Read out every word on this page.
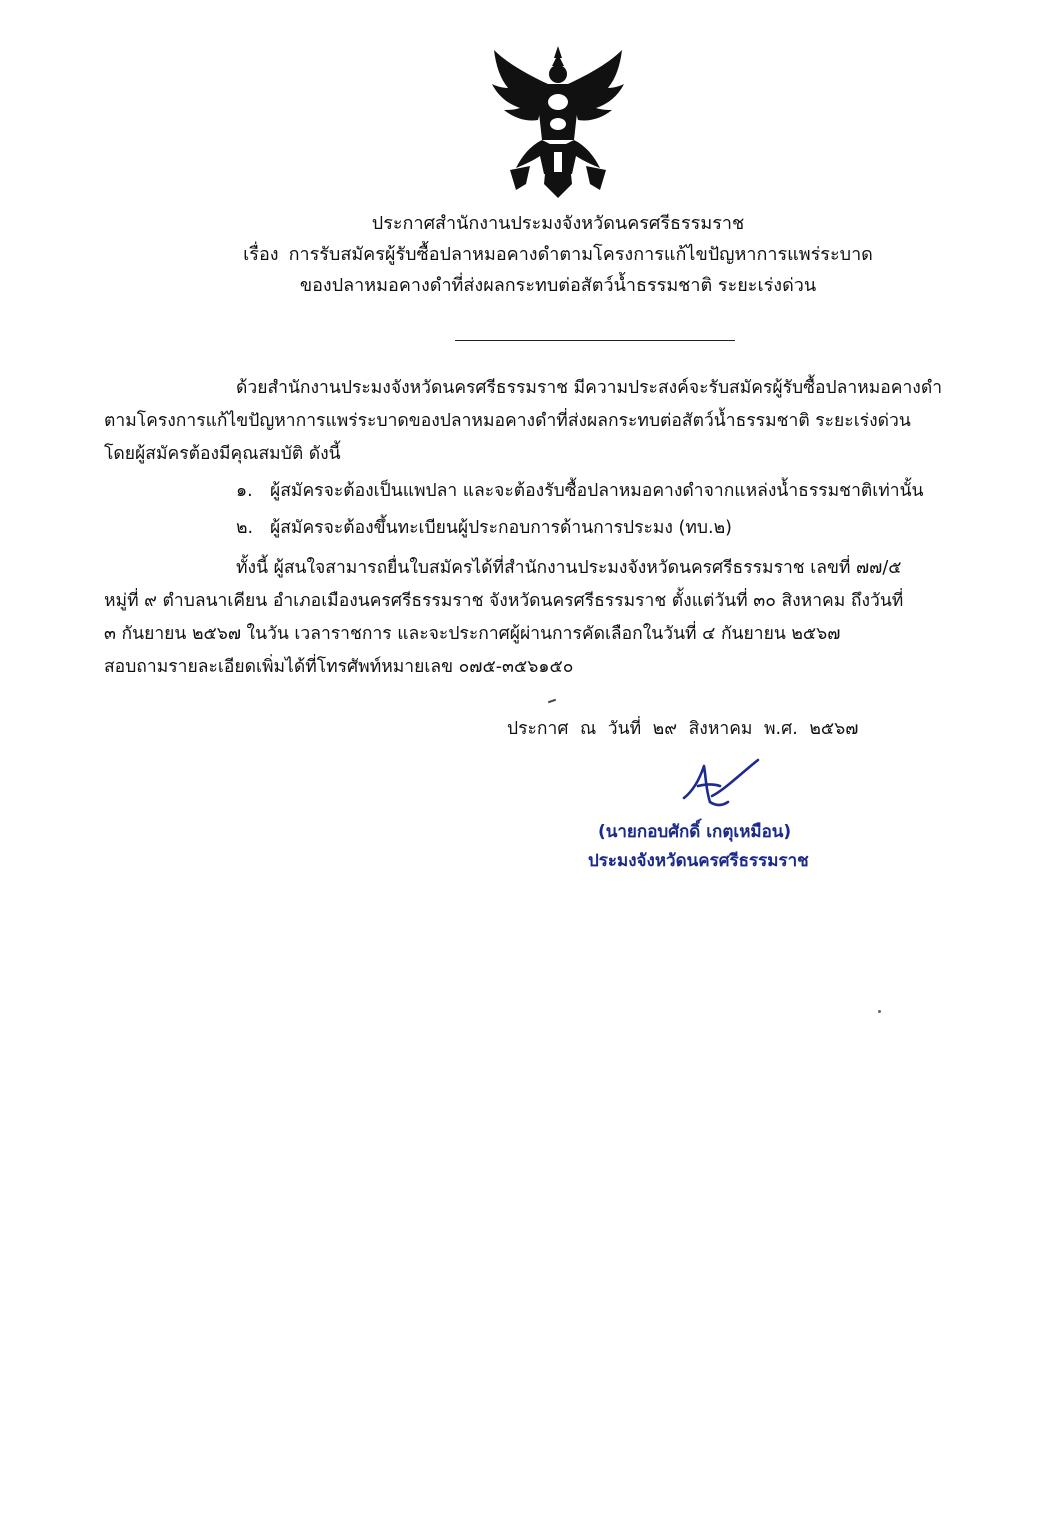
ประกาศสำนักงานประมงจังหวัดนครศรีธรรมราช
เรื่อง การรับสมัครผู้รับซื้อปลาหมอคางดำตามโครงการแก้ไขปัญหาการแพร่ระบาด
ของปลาหมอคางดำที่ส่งผลกระทบต่อสัตว์น้ำธรรมชาติ ระยะเร่งด่วน
ด้วยสำนักงานประมงจังหวัดนครศรีธรรมราช มีความประสงค์จะรับสมัครผู้รับซื้อปลาหมอคางดำ
ตามโครงการแก้ไขปัญหาการแพร่ระบาดของปลาหมอคางดำที่ส่งผลกระทบต่อสัตว์น้ำธรรมชาติ ระยะเร่งด่วน
โดยผู้สมัครต้องมีคุณสมบัติ ดังนี้
๑. ผู้สมัครจะต้องเป็นแพปลา และจะต้องรับซื้อปลาหมอคางดำจากแหล่งน้ำธรรมชาติเท่านั้น
๒. ผู้สมัครจะต้องขึ้นทะเบียนผู้ประกอบการด้านการประมง (ทบ.๒)
ทั้งนี้ ผู้สนใจสามารถยื่นใบสมัครได้ที่สำนักงานประมงจังหวัดนครศรีธรรมราช เลขที่ ๗๗/๕
หมู่ที่ ๙ ตำบลนาเคียน อำเภอเมืองนครศรีธรรมราช จังหวัดนครศรีธรรมราช ตั้งแต่วันที่ ๓๐ สิงหาคม ถึงวันที่
๓ กันยายน ๒๕๖๗ ในวัน เวลาราชการ และจะประกาศผู้ผ่านการคัดเลือกในวันที่ ๔ กันยายน ๒๕๖๗
สอบถามรายละเอียดเพิ่มได้ที่โทรศัพท์หมายเลข ๐๗๕-๓๕๖๑๕๐
ประกาศ ณ วันที่ ๒๙ สิงหาคม พ.ศ. ๒๕๖๗
(นายกอบศักดิ์ เกตุเหมือน)
ประมงจังหวัดนครศรีธรรมราช
